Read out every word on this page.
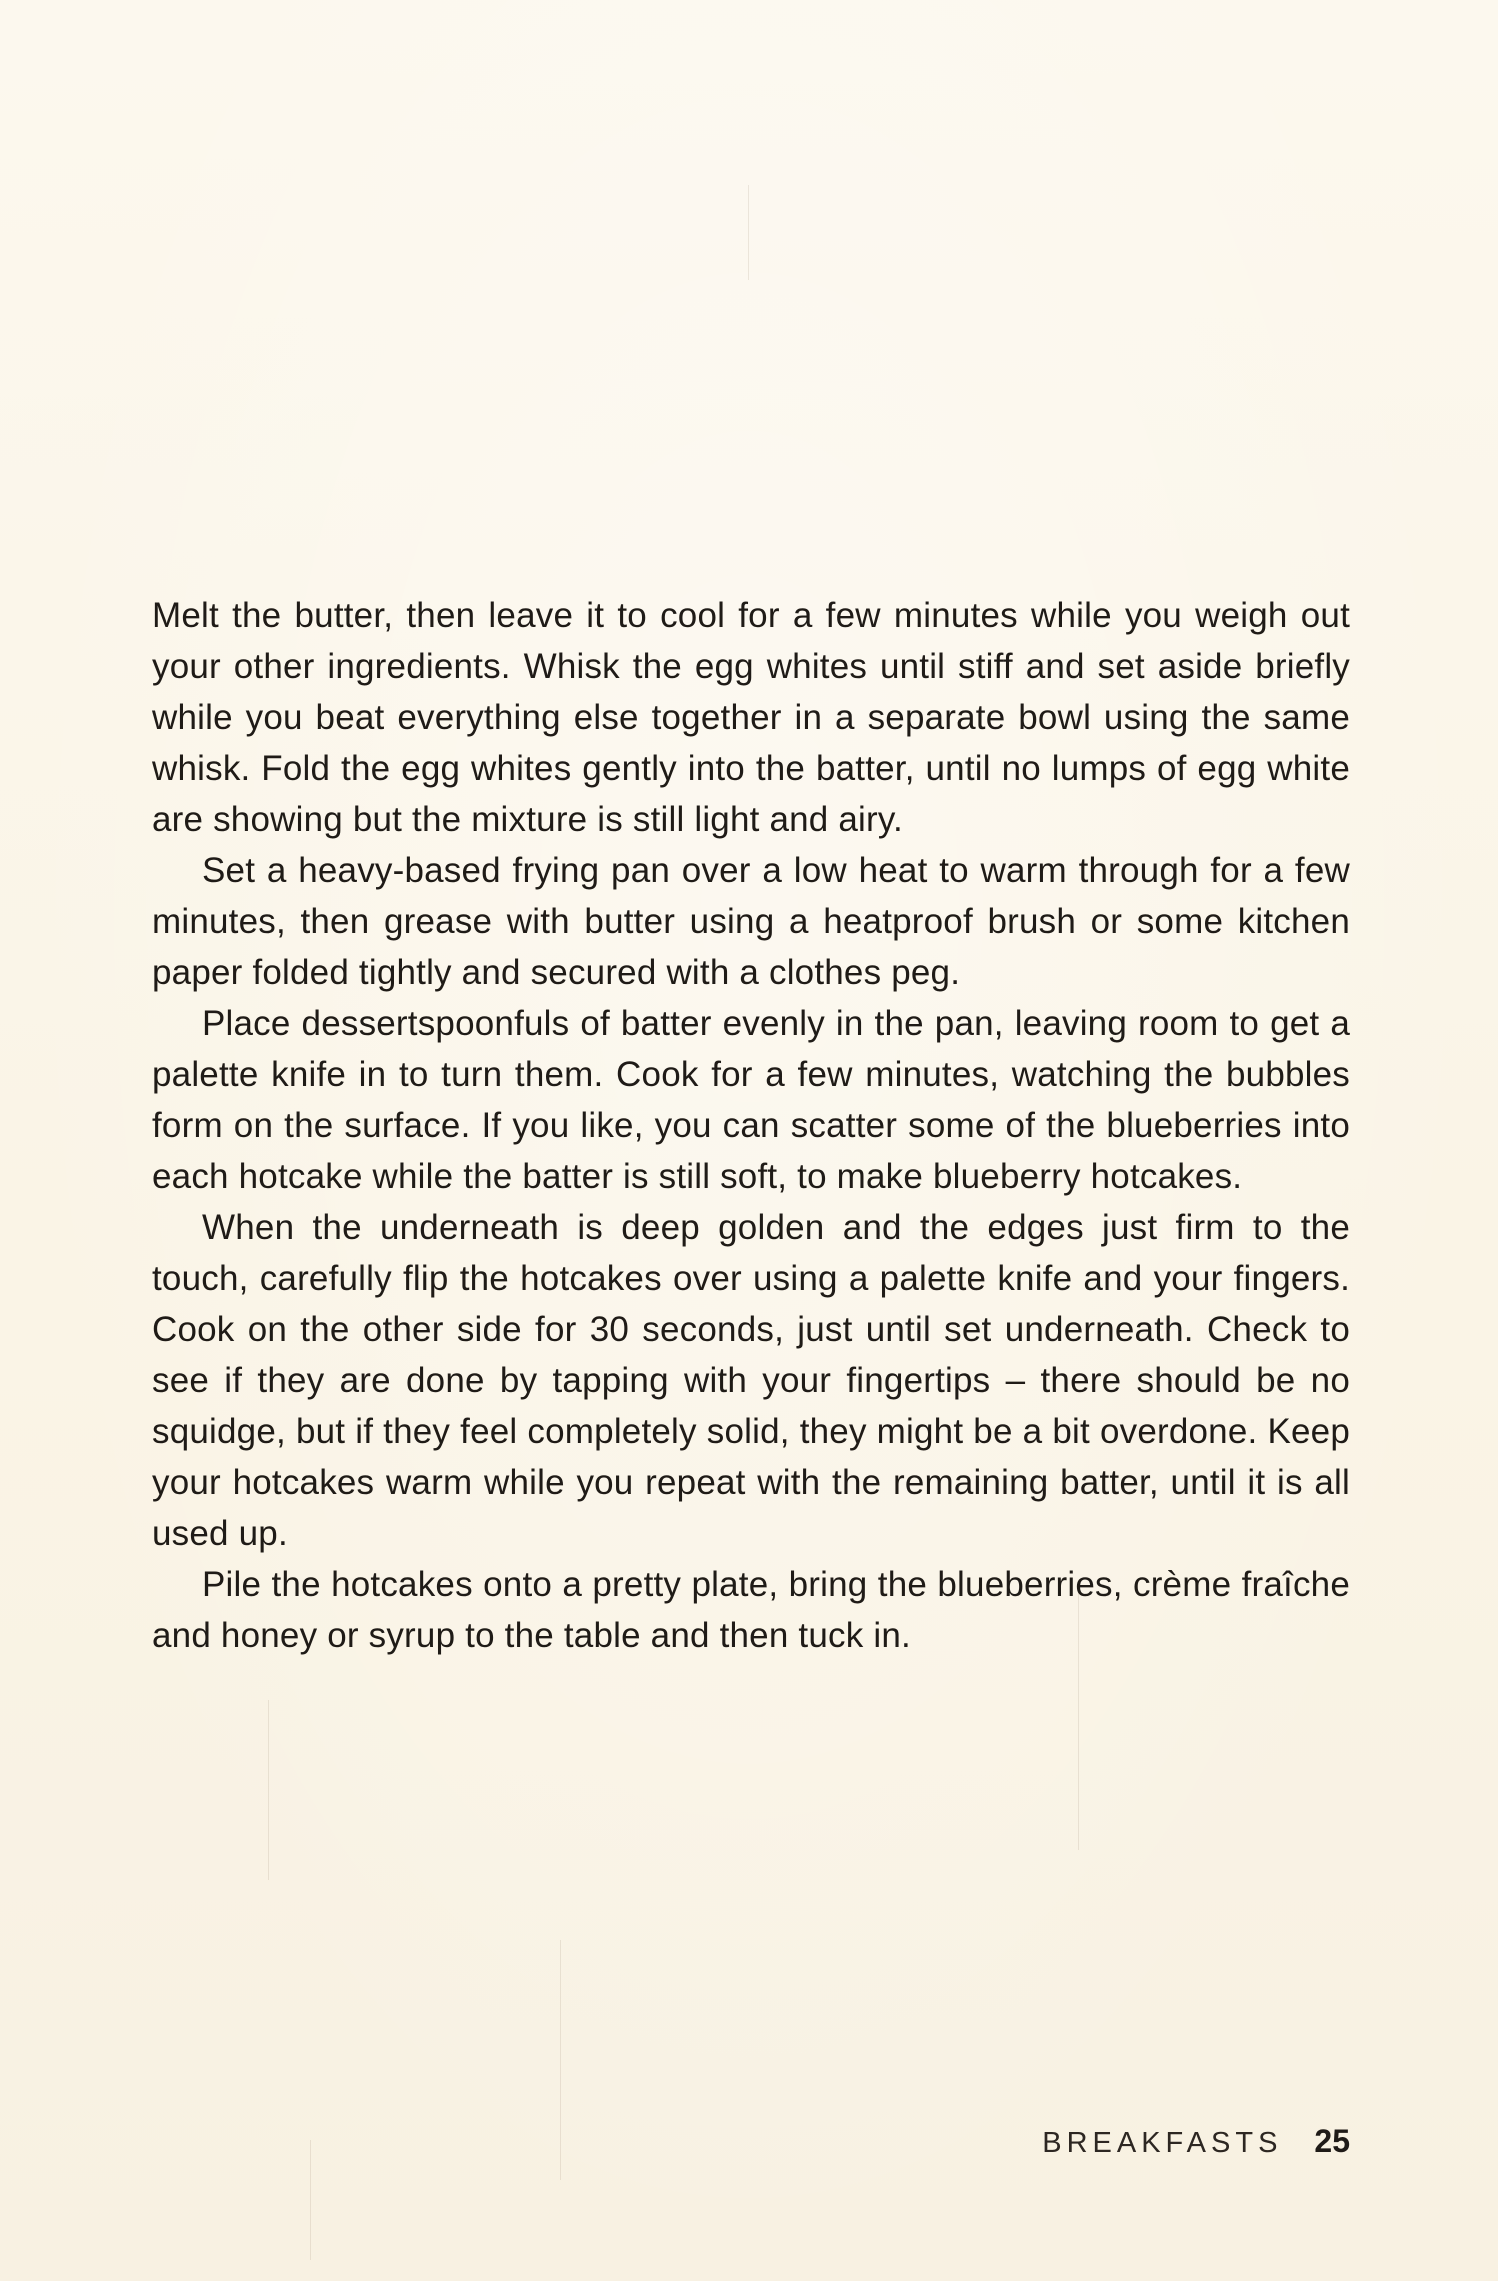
Melt the butter, then leave it to cool for a few minutes while you weigh out your other ingredients. Whisk the egg whites until stiff and set aside briefly while you beat everything else together in a separate bowl using the same whisk. Fold the egg whites gently into the batter, until no lumps of egg white are showing but the mixture is still light and airy.

Set a heavy-based frying pan over a low heat to warm through for a few minutes, then grease with butter using a heatproof brush or some kitchen paper folded tightly and secured with a clothes peg.

Place dessertspoonfuls of batter evenly in the pan, leaving room to get a palette knife in to turn them. Cook for a few minutes, watching the bubbles form on the surface. If you like, you can scatter some of the blueberries into each hotcake while the batter is still soft, to make blueberry hotcakes.

When the underneath is deep golden and the edges just firm to the touch, carefully flip the hotcakes over using a palette knife and your fingers. Cook on the other side for 30 seconds, just until set underneath. Check to see if they are done by tapping with your fingertips – there should be no squidge, but if they feel completely solid, they might be a bit overdone. Keep your hotcakes warm while you repeat with the remaining batter, until it is all used up.

Pile the hotcakes onto a pretty plate, bring the blueberries, crème fraîche and honey or syrup to the table and then tuck in.

BREAKFASTS 25
